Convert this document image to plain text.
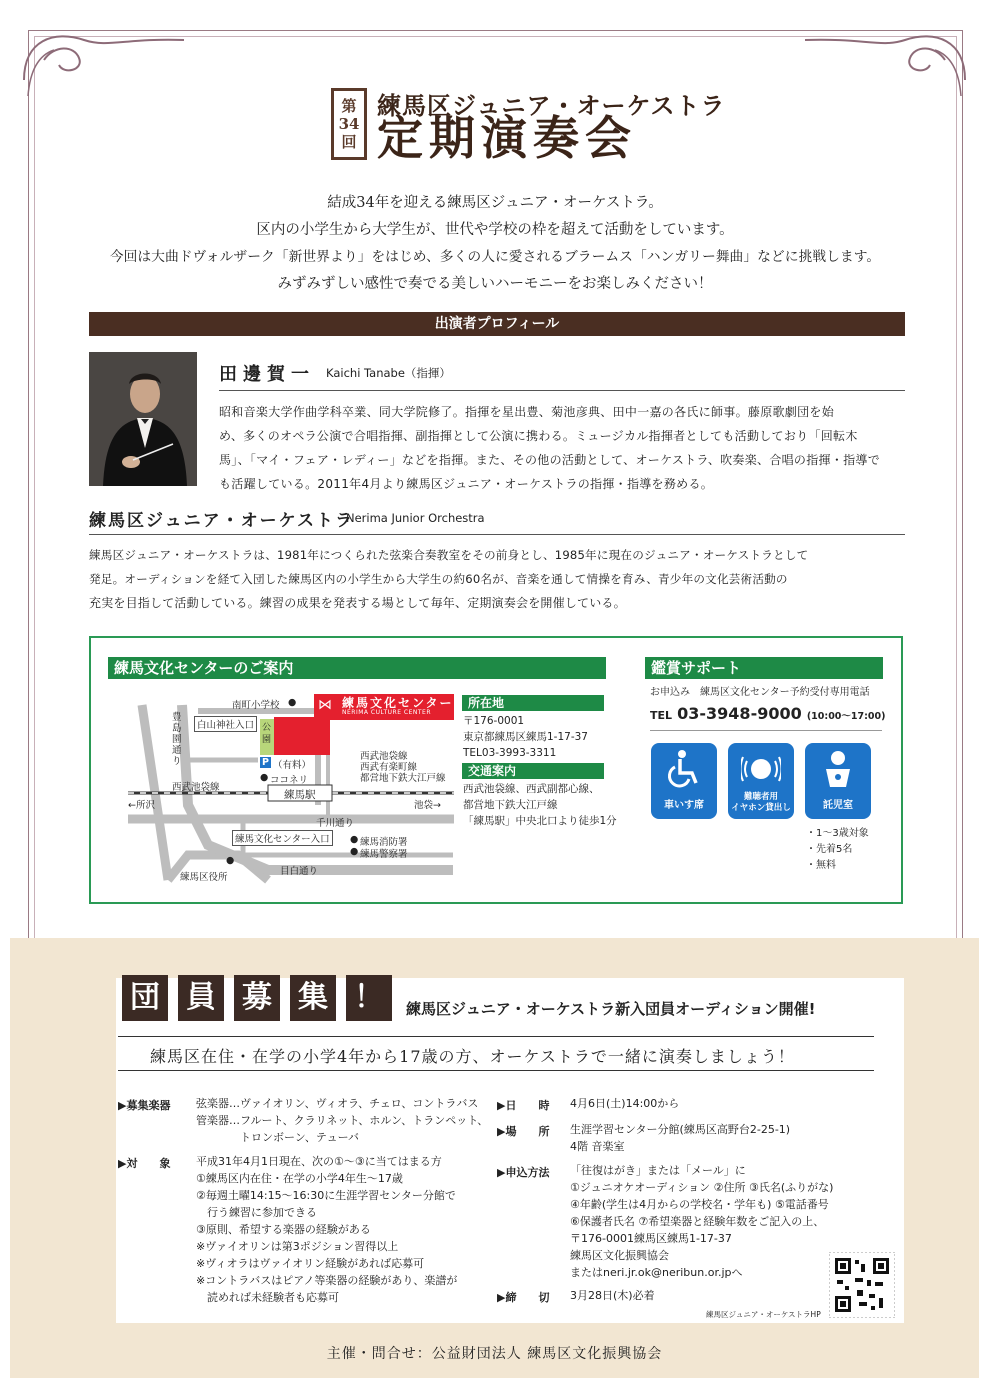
第
34
回
練馬区ジュニア・オーケストラ
定期演奏会
結成34年を迎える練馬区ジュニア・オーケストラ。
区内の小学生から大学生が、世代や学校の枠を超えて活動をしています。
今回は大曲ドヴォルザーク「新世界より」をはじめ、多くの人に愛されるブラームス「ハンガリー舞曲」などに挑戦します。
みずみずしい感性で奏でる美しいハーモニーをお楽しみください！
出演者プロフィール
田邊賀一 Kaichi Tanabe（指揮）
昭和音楽大学作曲学科卒業、同大学院修了。指揮を星出豊、菊池彦典、田中一嘉の各氏に師事。藤原歌劇団を始
め、多くのオペラ公演で合唱指揮、副指揮として公演に携わる。ミュージカル指揮者としても活動しており「回転木
馬」、「マイ・フェア・レディー」などを指揮。また、その他の活動として、オーケストラ、吹奏楽、合唱の指揮・指導で
も活躍している。2011年4月より練馬区ジュニア・オーケストラの指揮・指導を務める。
練馬区ジュニア・オーケストラ
Nerima Junior Orchestra
練馬区ジュニア・オーケストラは、1981年につくられた弦楽合奏教室をその前身とし、1985年に現在のジュニア・オーケストラとして
発足。オーディションを経て入団した練馬区内の小学生から大学生の約60名が、音楽を通して情操を育み、青少年の文化芸術活動の
充実を目指して活動している。練習の成果を発表する場として毎年、定期演奏会を開催している。
練馬文化センターのご案内
南町小学校 ● ⋈ 練馬文化センター
NERIMA CULTURE CENTER
白山神社入口
豊島園通り
公園
P （有料）
● ココネリ
西武池袋線
西武池袋線
西武有楽町線
都営地下鉄大江戸線
練馬駅
←所沢	池袋→
千川通り
練馬文化センター入口	● 練馬消防署
● 練馬警察署
●
練馬区役所
目白通り
所在地
〒176-0001
東京都練馬区練馬1-17-37
TEL03-3993-3311
交通案内
西武池袋線、西武副都心線、
都営地下鉄大江戸線
「練馬駅」中央北口より徒歩1分
鑑賞サポート
お申込み　練馬区文化センター予約受付専用電話
TEL 03-3948-9000 (10:00〜17:00)
車いす席
難聴者用
イヤホン貸出し	託児室
・1〜3歳対象
・先着5名
・無料
団 員 募 集 ！	練馬区ジュニア・オーケストラ新入団員オーディション開催!
練馬区在住・在学の小学4年から17歳の方、オーケストラで一緒に演奏しましょう！
▶募集楽器 弦楽器…ヴァイオリン、ヴィオラ、チェロ、コントラバス
管楽器…フルート、クラリネット、ホルン、トランペット、
　　　　トロンボーン、テューバ
▶対　　象 平成31年4月1日現在、次の①〜③に当てはまる方
①練馬区内在住・在学の小学4年生〜17歳
②毎週土曜14:15〜16:30に生涯学習センター分館で
　行う練習に参加できる
③原則、希望する楽器の経験がある
※ヴァイオリンは第3ポジション習得以上
※ヴィオラはヴァイオリン経験があれば応募可
※コントラバスはピアノ等楽器の経験があり、楽譜が
　読めれば未経験者も応募可
▶日　　時 4月6日(土)14:00から
▶場　　所 生涯学習センター分館(練馬区高野台2-25-1)
4階 音楽室
▶申込方法 「往復はがき」または「メール」に
①ジュニオケオーディション ②住所 ③氏名(ふりがな)
④年齢(学生は4月からの学校名・学年も) ⑤電話番号
⑥保護者氏名 ⑦希望楽器と経験年数をご記入の上、
〒176-0001練馬区練馬1-17-37
練馬区文化振興協会
またはneri.jr.ok@neribun.or.jpへ
▶締　　切 3月28日(木)必着
練馬区ジュニア・オーケストラHP
主催・問合せ：公益財団法人 練馬区文化振興協会
